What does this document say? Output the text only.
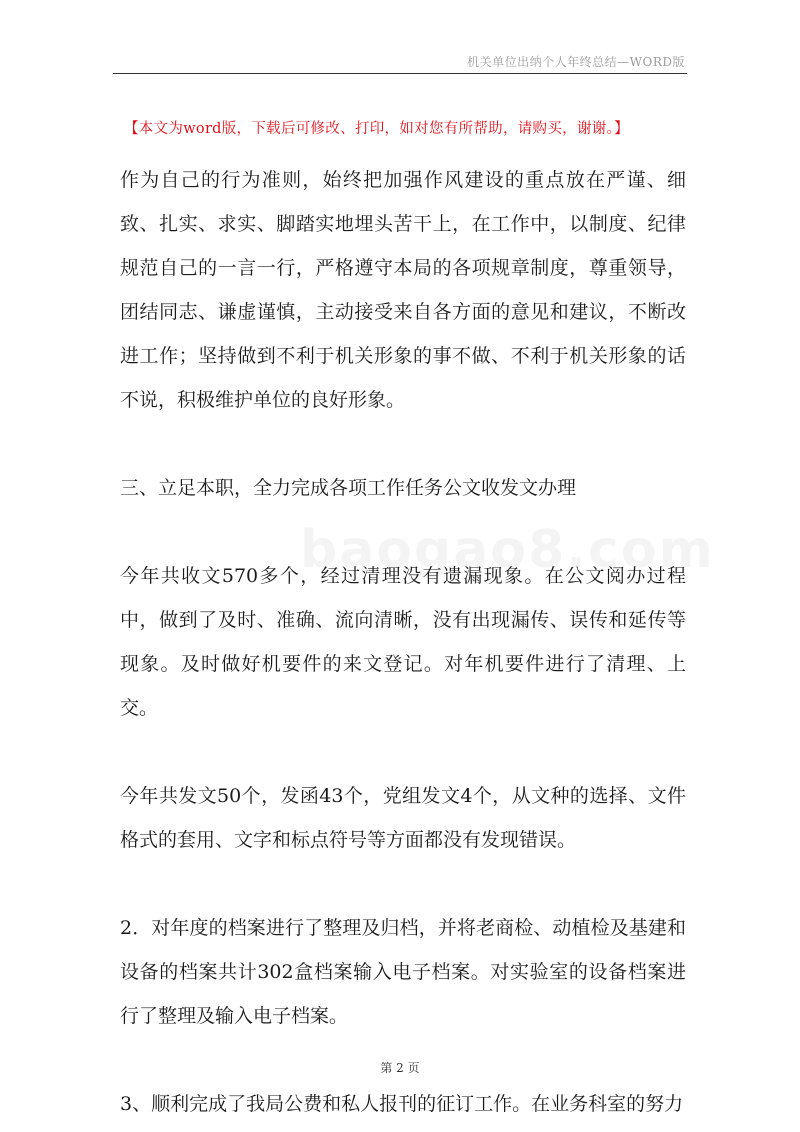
机关单位出纳个人年终总结—WORD版
【本文为word版，下载后可修改、打印，如对您有所帮助，请购买，谢谢。】

作为自己的行为准则，始终把加强作风建设的重点放在严谨、细致、扎实、求实、脚踏实地埋头苦干上，在工作中，以制度、纪律规范自己的一言一行，严格遵守本局的各项规章制度，尊重领导，团结同志、谦虚谨慎，主动接受来自各方面的意见和建议，不断改进工作；坚持做到不利于机关形象的事不做、不利于机关形象的话不说，积极维护单位的良好形象。

三、立足本职，全力完成各项工作任务公文收发文办理

今年共收文570多个，经过清理没有遗漏现象。在公文阅办过程中，做到了及时、准确、流向清晰，没有出现漏传、误传和延传等现象。及时做好机要件的来文登记。对年机要件进行了清理、上交。

今年共发文50个，发函43个，党组发文4个，从文种的选择、文件格式的套用、文字和标点符号等方面都没有发现错误。

2．对年度的档案进行了整理及归档，并将老商检、动植检及基建和设备的档案共计302盒档案输入电子档案。对实验室的设备档案进行了整理及输入电子档案。

3、顺利完成了我局公费和私人报刊的征订工作。在业务科室的努力

第 2 页
